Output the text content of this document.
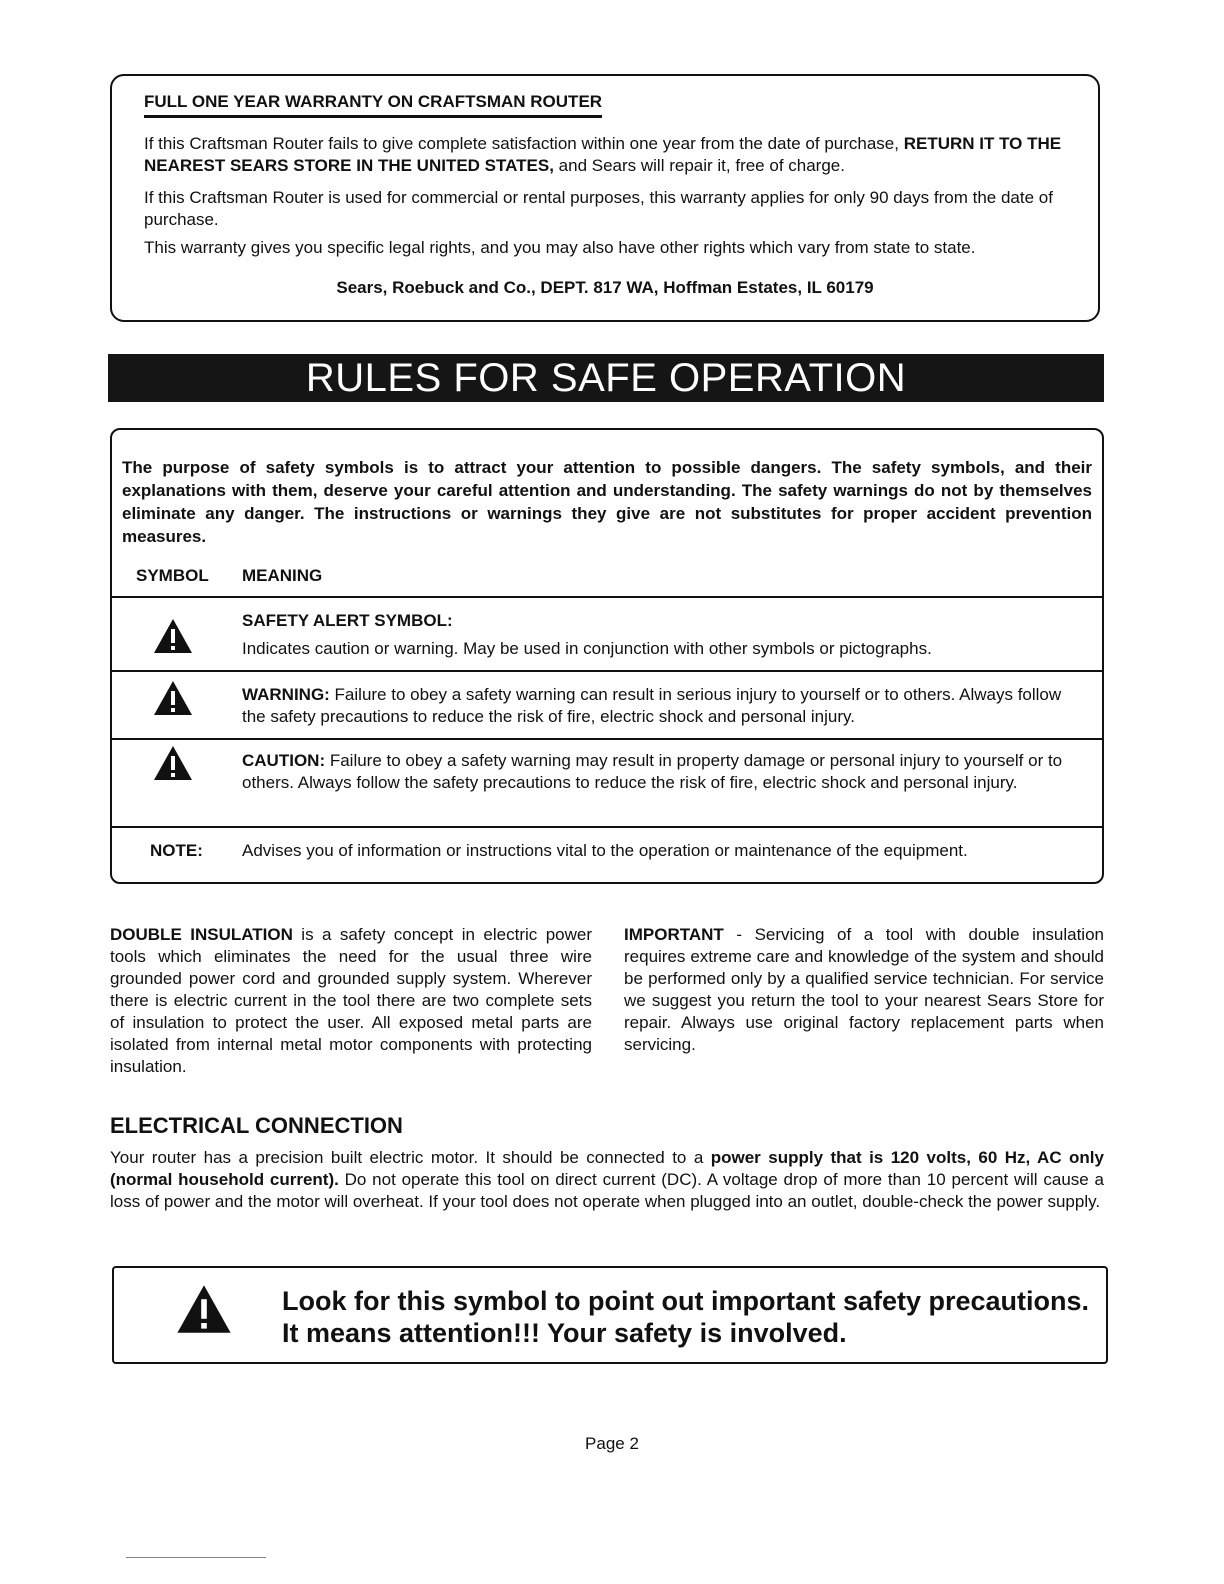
FULL ONE YEAR WARRANTY ON CRAFTSMAN ROUTER
If this Craftsman Router fails to give complete satisfaction within one year from the date of purchase, RETURN IT TO THE NEAREST SEARS STORE IN THE UNITED STATES, and Sears will repair it, free of charge.
If this Craftsman Router is used for commercial or rental purposes, this warranty applies for only 90 days from the date of purchase.
This warranty gives you specific legal rights, and you may also have other rights which vary from state to state.
Sears, Roebuck and Co., DEPT. 817 WA, Hoffman Estates, IL 60179
RULES FOR SAFE OPERATION
The purpose of safety symbols is to attract your attention to possible dangers. The safety symbols, and their explanations with them, deserve your careful attention and understanding. The safety warnings do not by themselves eliminate any danger. The instructions or warnings they give are not substitutes for proper accident prevention measures.
SYMBOL MEANING
SAFETY ALERT SYMBOL:
Indicates caution or warning. May be used in conjunction with other symbols or pictographs.
WARNING: Failure to obey a safety warning can result in serious injury to yourself or to others. Always follow the safety precautions to reduce the risk of fire, electric shock and personal injury.
CAUTION: Failure to obey a safety warning may result in property damage or personal injury to yourself or to others. Always follow the safety precautions to reduce the risk of fire, electric shock and personal injury.
NOTE: Advises you of information or instructions vital to the operation or maintenance of the equipment.
DOUBLE INSULATION is a safety concept in electric power tools which eliminates the need for the usual three wire grounded power cord and grounded supply system. Wherever there is electric current in the tool there are two complete sets of insulation to protect the user. All exposed metal parts are isolated from internal metal motor components with protecting insulation.
IMPORTANT - Servicing of a tool with double insulation requires extreme care and knowledge of the system and should be performed only by a qualified service technician. For service we suggest you return the tool to your nearest Sears Store for repair. Always use original factory replacement parts when servicing.
ELECTRICAL CONNECTION
Your router has a precision built electric motor. It should be connected to a power supply that is 120 volts, 60 Hz, AC only (normal household current). Do not operate this tool on direct current (DC). A voltage drop of more than 10 percent will cause a loss of power and the motor will overheat. If your tool does not operate when plugged into an outlet, double-check the power supply.
Look for this symbol to point out important safety precautions.
It means attention!!! Your safety is involved.
Page 2
